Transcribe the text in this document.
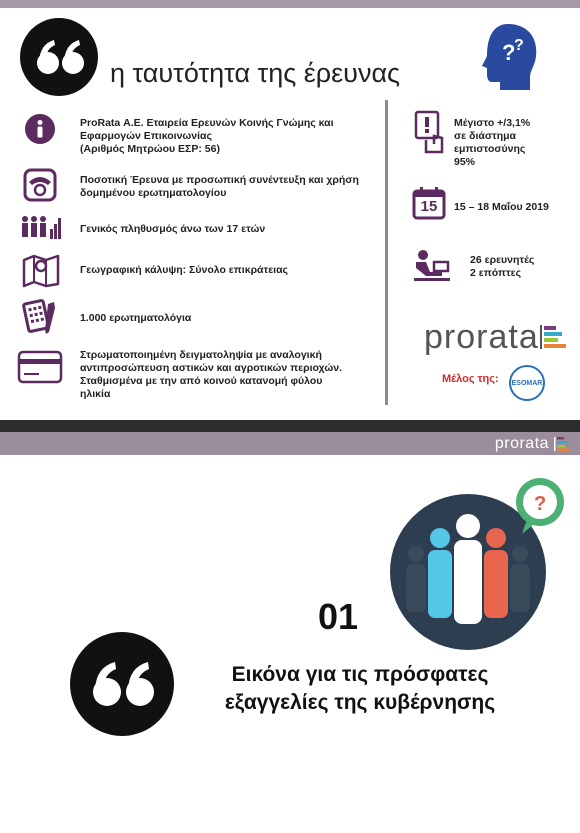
η ταυτότητα της έρευνας
?
?
ProRata Α.Ε. Εταιρεία Ερευνών Κοινής Γνώμης και
Εφαρμογών Επικοινωνίας
(Αριθμός Μητρώου ΕΣΡ: 56)
Ποσοτική Έρευνα με προσωπική συνέντευξη και χρήση
δομημένου ερωτηματολογίου
Γενικός πληθυσμός άνω των 17 ετών
Γεωγραφική κάλυψη: Σύνολο επικράτειας
1.000 ερωτηματολόγια
Στρωματοποιημένη δειγματοληψία με αναλογική
αντιπροσώπευση αστικών και αγροτικών περιοχών.
Σταθμισμένα με την από κοινού κατανομή φύλου
ηλικία
Μέγιστο +/3,1%
σε διάστημα
εμπιστοσύνης
95%
15	15 – 18 Μαΐου 2019
26 ερευνητές
2 επόπτες
prorata
Μέλος της:	ESOMAR
prorata
?
01
Εικόνα για τις πρόσφατες
εξαγγελίες της κυβέρνησης
